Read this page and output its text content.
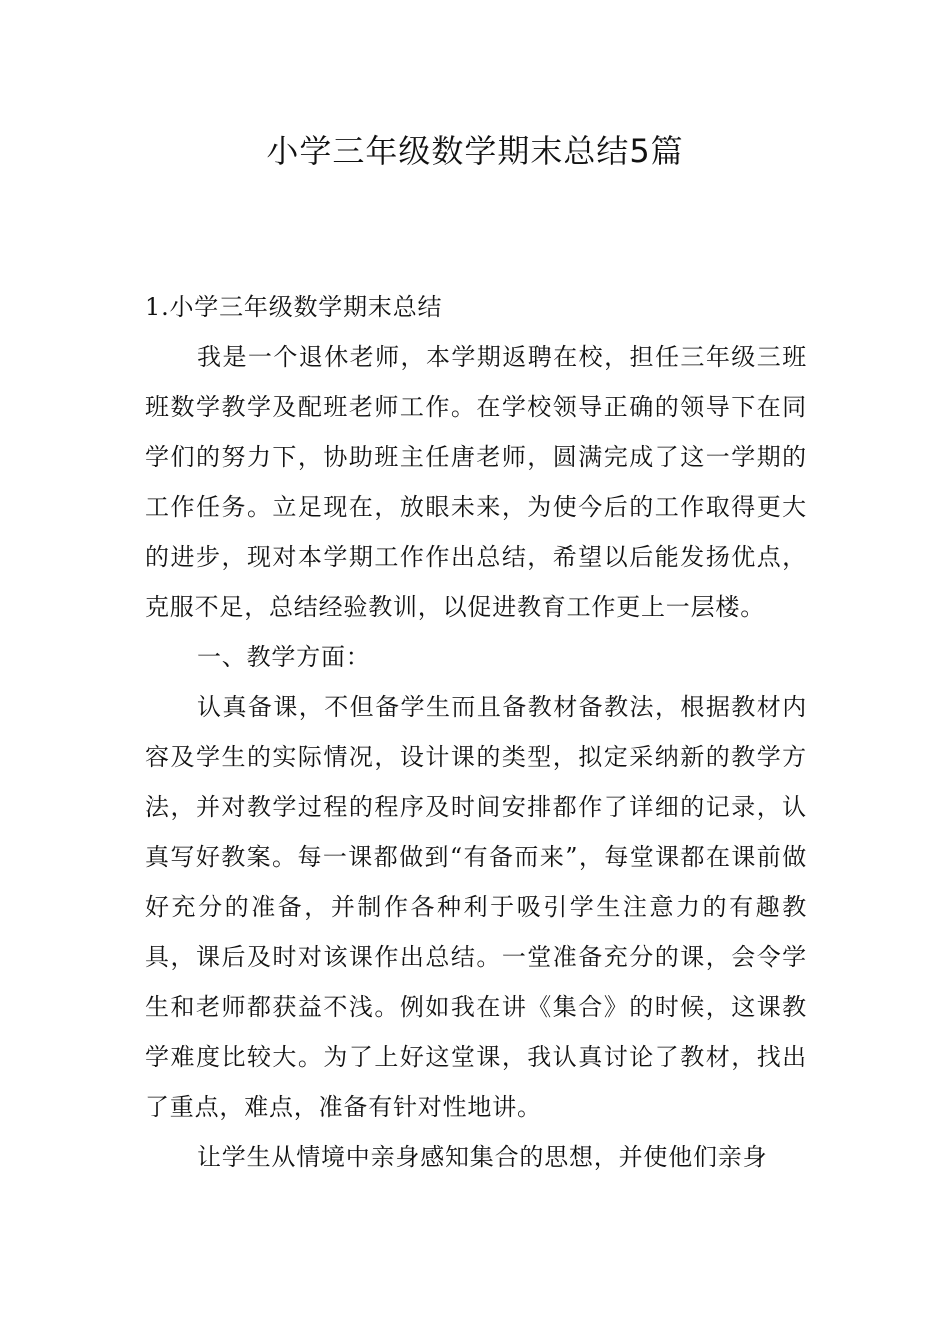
小学三年级数学期末总结5篇

1.小学三年级数学期末总结

我是一个退休老师，本学期返聘在校，担任三年级三班班数学教学及配班老师工作。在学校领导正确的领导下在同学们的努力下，协助班主任唐老师，圆满完成了这一学期的工作任务。立足现在，放眼未来，为使今后的工作取得更大的进步，现对本学期工作作出总结，希望以后能发扬优点，克服不足，总结经验教训，以促进教育工作更上一层楼。

一、教学方面：

认真备课，不但备学生而且备教材备教法，根据教材内容及学生的实际情况，设计课的类型，拟定采纳新的教学方法，并对教学过程的程序及时间安排都作了详细的记录，认真写好教案。每一课都做到“有备而来”，每堂课都在课前做好充分的准备，并制作各种利于吸引学生注意力的有趣教具，课后及时对该课作出总结。一堂准备充分的课，会令学生和老师都获益不浅。例如我在讲《集合》的时候，这课教学难度比较大。为了上好这堂课，我认真讨论了教材，找出了重点，难点，准备有针对性地讲。

让学生从情境中亲身感知集合的思想，并使他们亲身
